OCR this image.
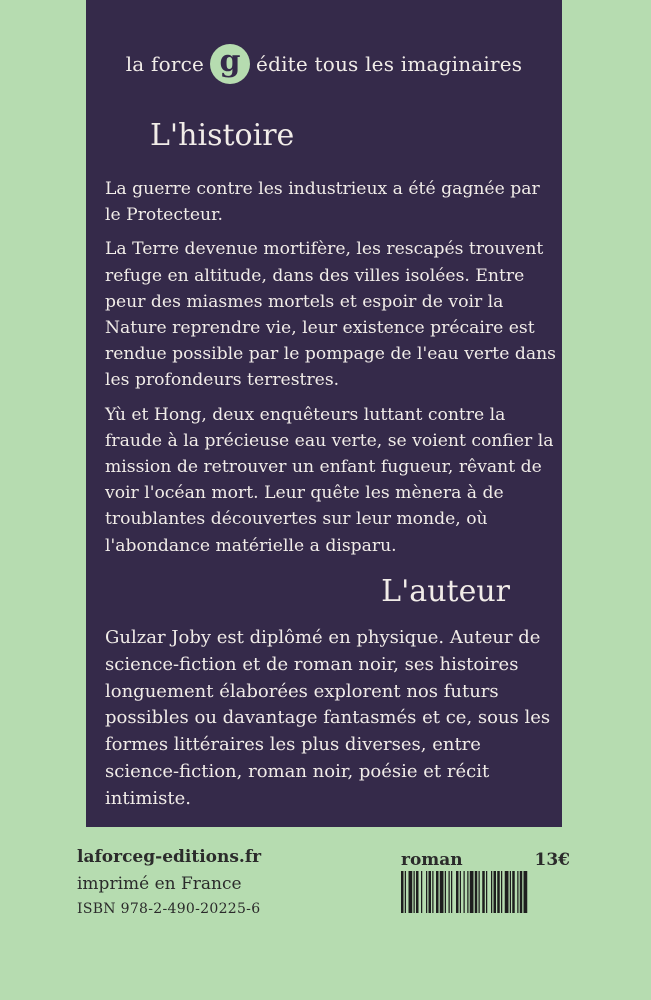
la force g édite tous les imaginaires
L'histoire

La guerre contre les industrieux a été gagnée par le Protecteur.

La Terre devenue mortifère, les rescapés trouvent refuge en altitude, dans des villes isolées. Entre peur des miasmes mortels et espoir de voir la Nature reprendre vie, leur existence précaire est rendue possible par le pompage de l'eau verte dans les profondeurs terrestres.

Yù et Hong, deux enquêteurs luttant contre la fraude à la précieuse eau verte, se voient confier la mission de retrouver un enfant fugueur, rêvant de voir l'océan mort. Leur quête les mènera à de troublantes découvertes sur leur monde, où l'abondance matérielle a disparu.

L'auteur
Gulzar Joby est diplômé en physique. Auteur de science-fiction et de roman noir, ses histoires longuement élaborées explorent nos futurs possibles ou davantage fantasmés et ce, sous les formes littéraires les plus diverses, entre science-fiction, roman noir, poésie et récit intimiste.
laforceg-editions.fr
imprimé en France
ISBN 978-2-490-20225-6
roman	13€
